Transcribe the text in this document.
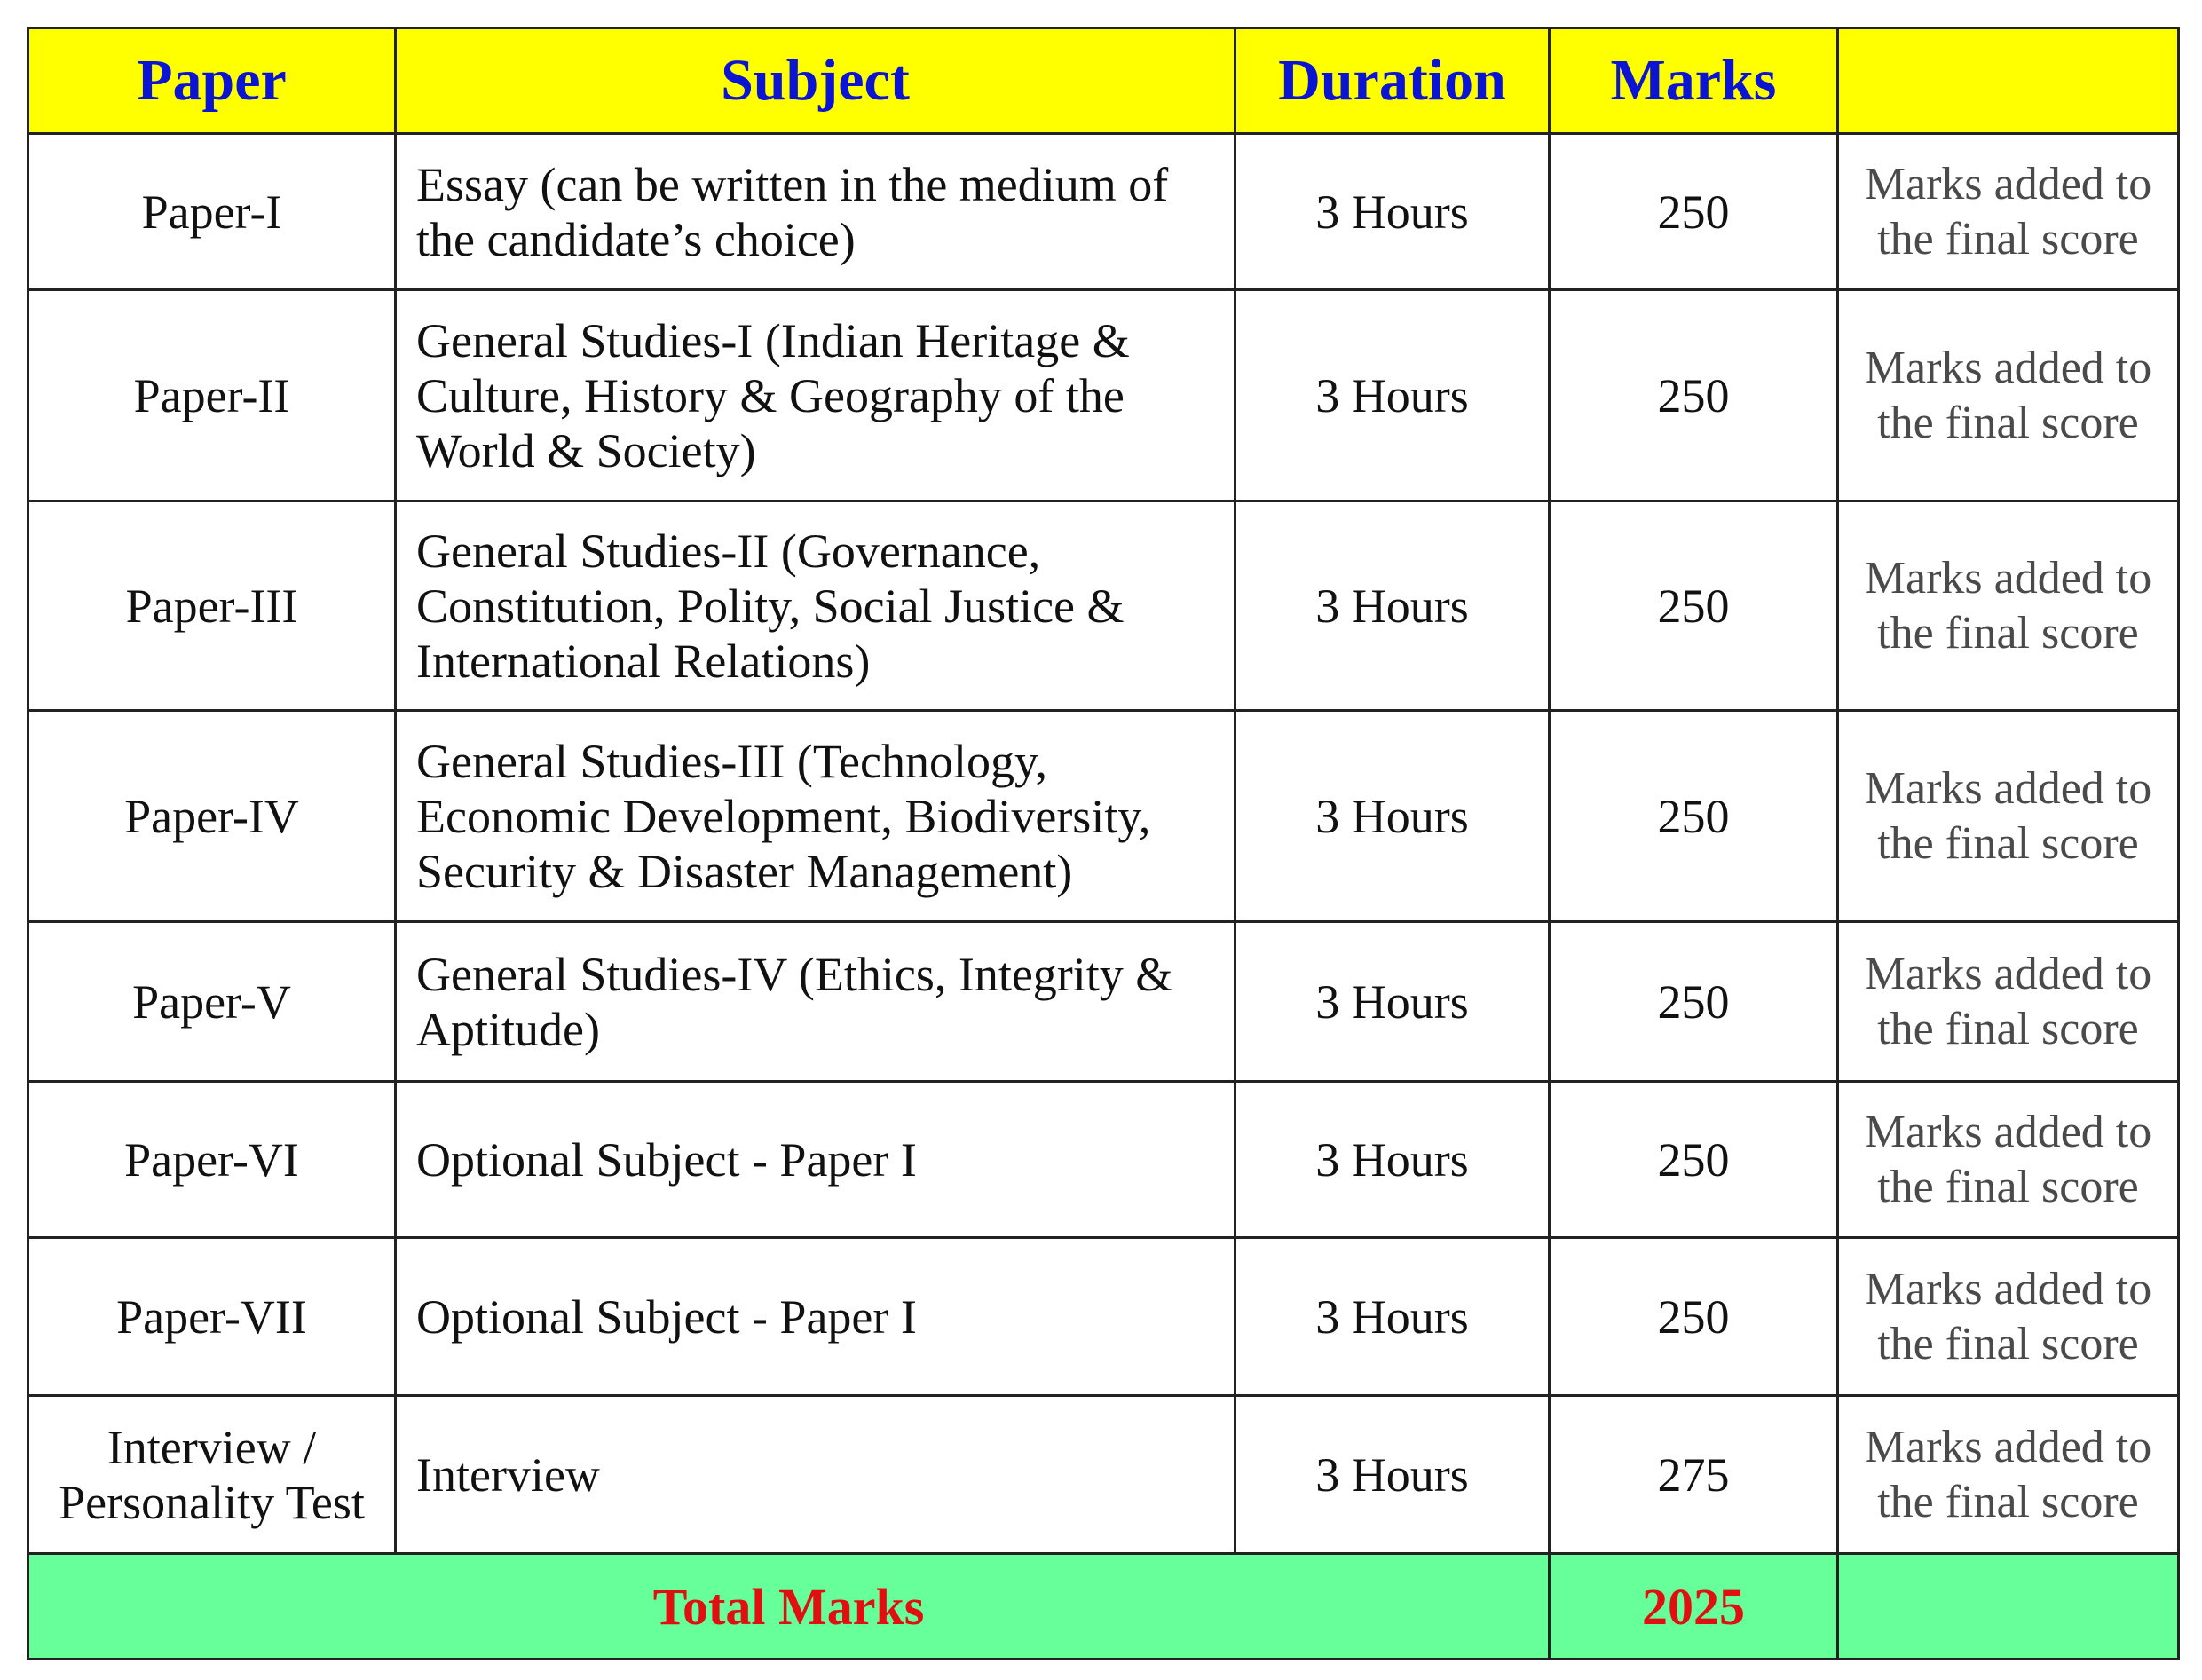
Paper	Subject	Duration	Marks	
Paper-I	Essay (can be written in the medium of the candidate’s choice)	3 Hours	250	Marks added to the final score
Paper-II	General Studies-I (Indian Heritage & Culture, History & Geography of the World & Society)	3 Hours	250	Marks added to the final score
Paper-III	General Studies-II (Governance, Constitution, Polity, Social Justice & International Relations)	3 Hours	250	Marks added to the final score
Paper-IV	General Studies-III (Technology, Economic Development, Biodiversity, Security & Disaster Management)	3 Hours	250	Marks added to the final score
Paper-V	General Studies-IV (Ethics, Integrity & Aptitude)	3 Hours	250	Marks added to the final score
Paper-VI	Optional Subject - Paper I	3 Hours	250	Marks added to the final score
Paper-VII	Optional Subject - Paper I	3 Hours	250	Marks added to the final score
Interview / Personality Test	Interview	3 Hours	275	Marks added to the final score
Total Marks			2025	
